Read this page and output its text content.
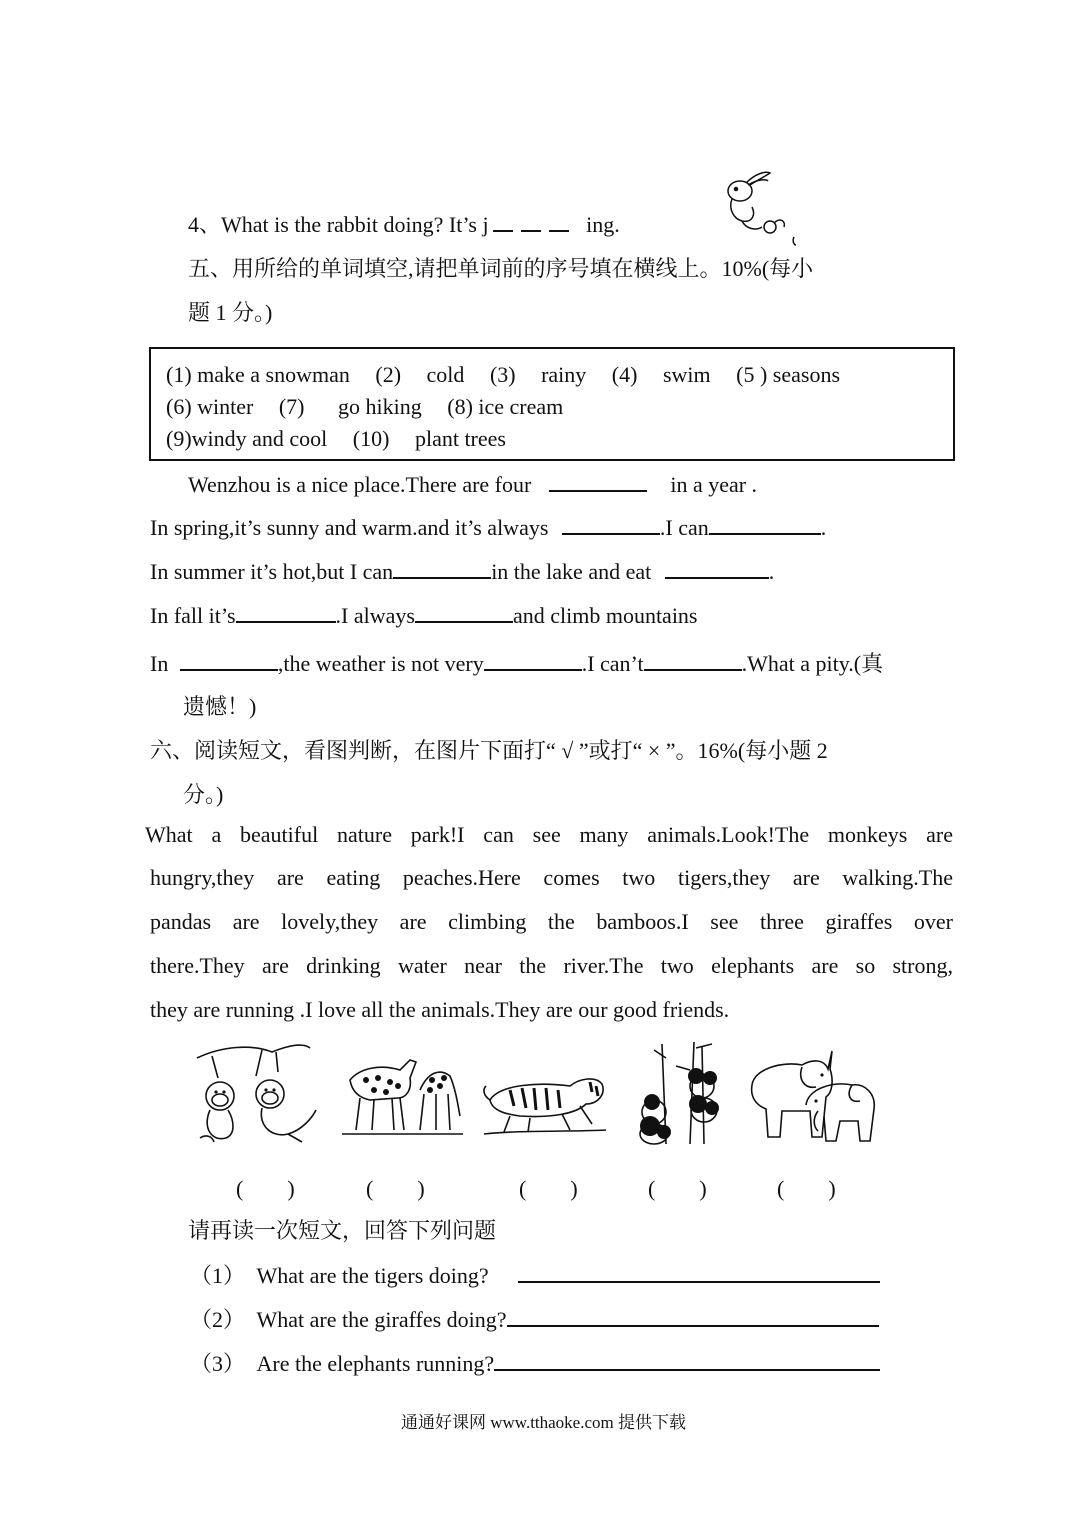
4、What is the rabbit doing? It’s j	ing.
五、用所给的单词填空,请把单词前的序号填在横线上。10%(每小
题 1 分。)
(1) make a snowman (2) cold (3) rainy (4) swim (5 ) seasons
(6) winter (7) go hiking (8) ice cream
(9)windy and cool (10) plant trees
Wenzhou is a nice place.There are four	in a year .
In spring,it’s sunny and warm.and it’s always	.I can	.
In summer it’s hot,but I can	in the lake and eat	.
In fall it’s	.I always	and climb mountains
In	,the weather is not very	.I can’t	.What a pity.(真
遗憾！)
六、阅读短文，看图判断，在图片下面打“ √ ”或打“ × ”。16%(每小题 2
分。)
What a beautiful nature park!I can see many animals.Look!The monkeys are
hungry,they are eating peaches.Here comes two tigers,they are walking.The
pandas are lovely,they are climbing the bamboos.I see three giraffes over
there.They are drinking water near the river.The two elephants are so strong,
they are running .I love all the animals.They are our good friends.
(　　)	(　　)	(　　)	(　　)	(　　)
请再读一次短文，回答下列问题
（1） What are the tigers doing?
（2） What are the giraffes doing?
（3） Are the elephants running?
通通好课网 www.tthaoke.com 提供下载
